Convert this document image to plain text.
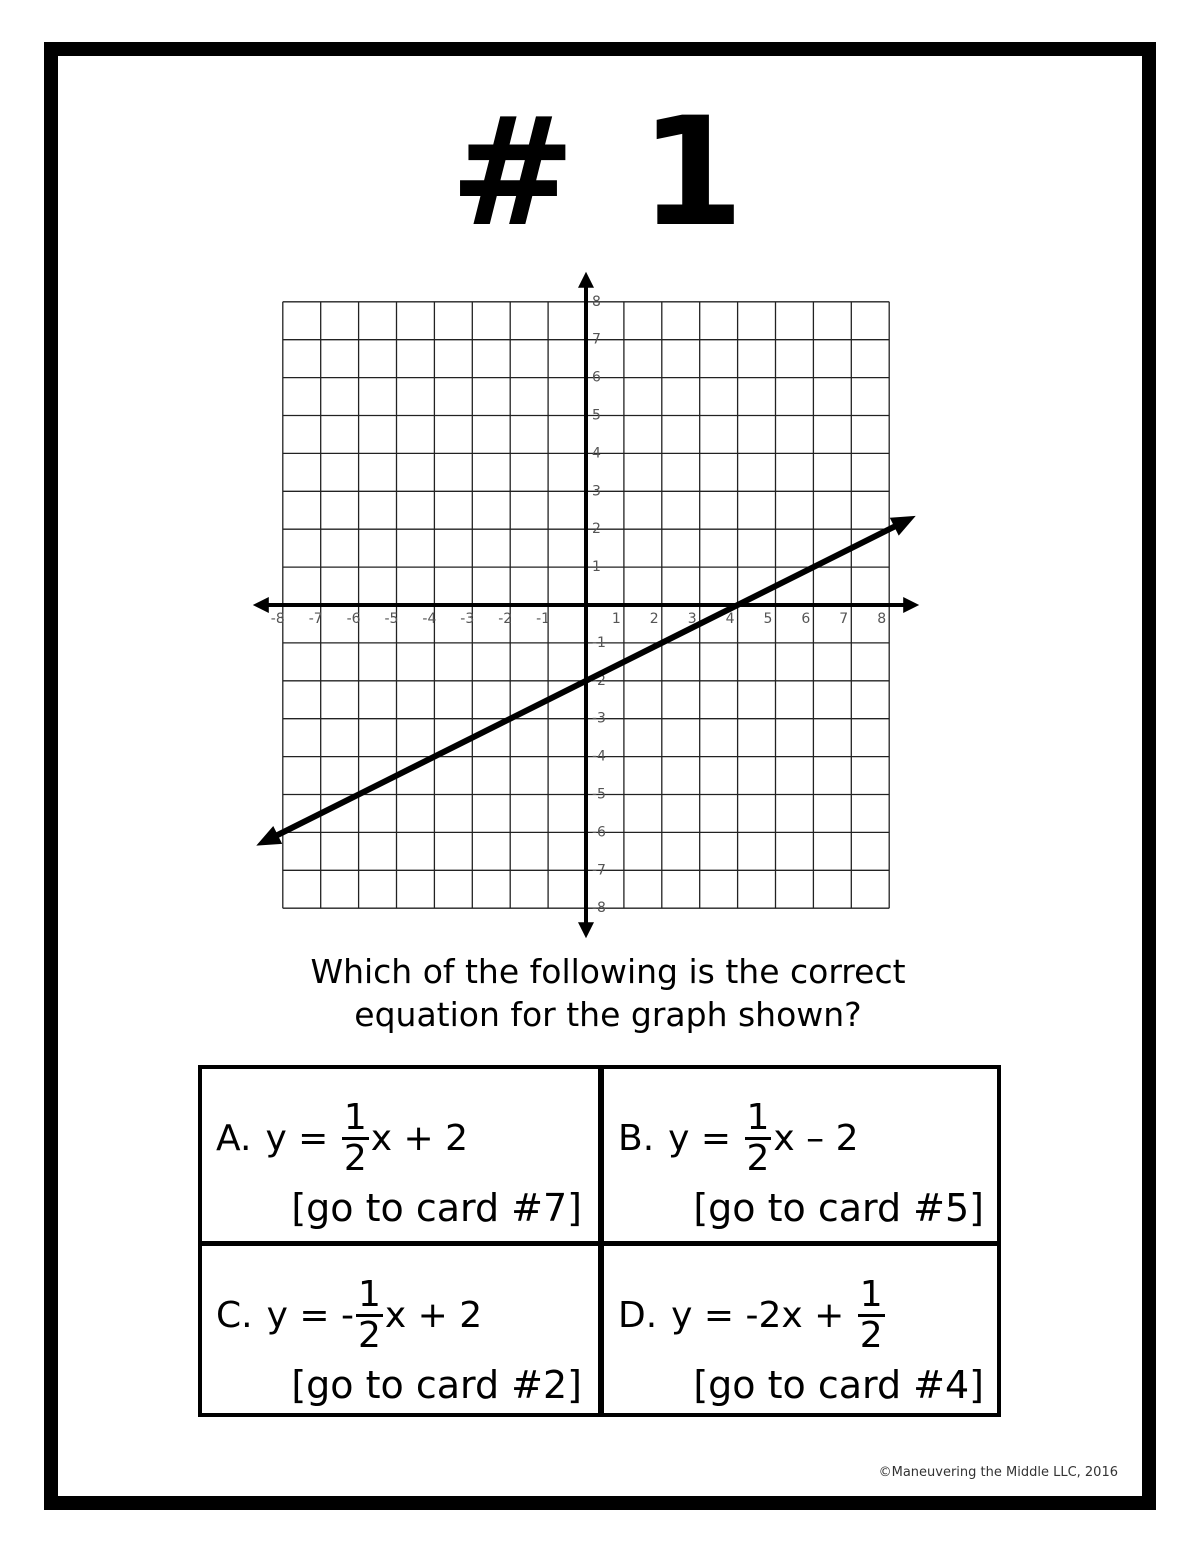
# 1
-8 -7 -6 -5 -4 -3 -2 -1	1 2 3 4 5 6 7 8
8
7
6
5
4
3
2
1
-1
-2
-3
-4
-5
-6
-7
-8
Which of the following is the correct
equation for the graph shown?
A. y =
$\frac{1}{2}$ x + 2
[go to card #7]
B. y =
$\frac{1}{2}$ x – 2
[go to card #5]
C. y =
- $\frac{1}{2}$ x + 2
[go to card #2]
D. y = -2x +
$\frac{1}{2}$
[go to card #4]
©Maneuvering the Middle LLC, 2016
